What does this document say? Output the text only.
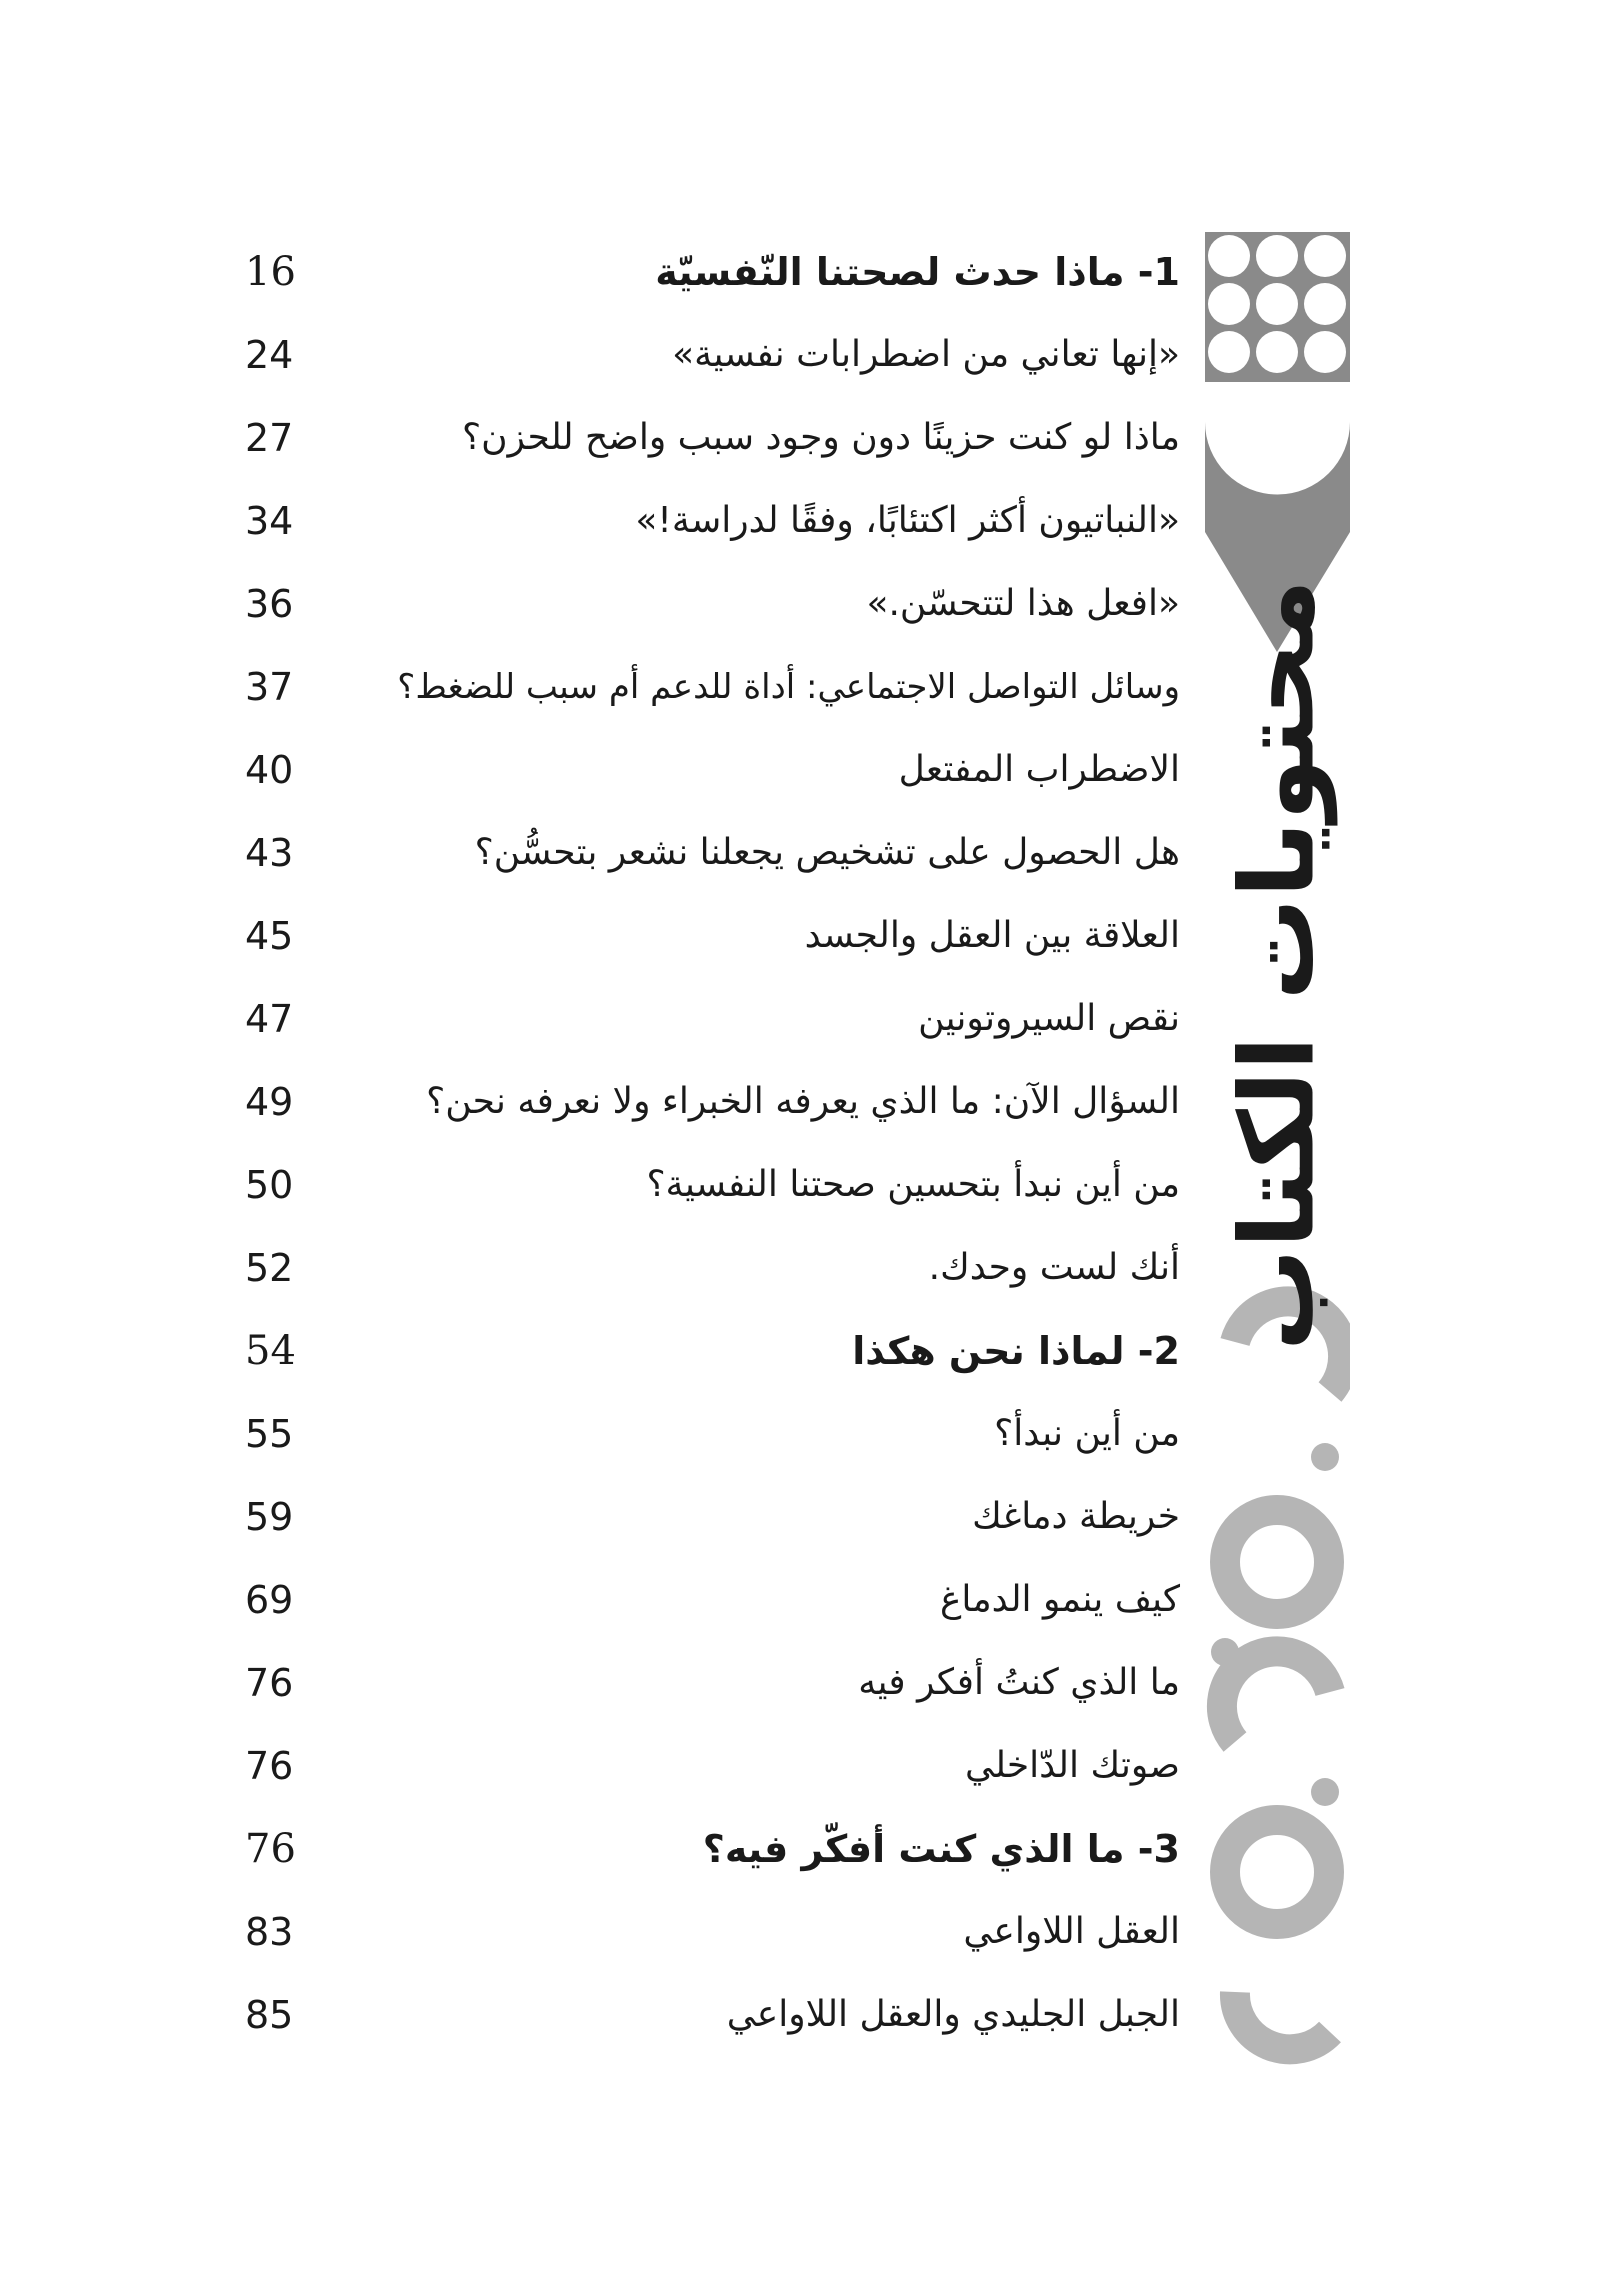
16	1- ماذا حدث لصحتنا النّفسيّة
24	«إنها تعاني من اضطرابات نفسية»
27	ماذا لو كنت حزينًا دون وجود سبب واضح للحزن؟
34	«النباتيون أكثر اكتئابًا، وفقًا لدراسة!»
36	«افعل هذا لتتحسّن.»
37	وسائل التواصل الاجتماعي: أداة للدعم أم سبب للضغط؟
40	الاضطراب المفتعل
43	هل الحصول على تشخيص يجعلنا نشعر بتحسُّن؟
45	العلاقة بين العقل والجسد
47	نقص السيروتونين
49	السؤال الآن: ما الذي يعرفه الخبراء ولا نعرفه نحن؟
50	من أين نبدأ بتحسين صحتنا النفسية؟
52	أنك لست وحدك.
54	2- لماذا نحن هكذا
55	من أين نبدأ؟
59	خريطة دماغك
69	كيف ينمو الدماغ
76	ما الذي كنتُ أفكر فيه
76	صوتك الدّاخلي
76	3- ما الذي كنت أفكّر فيه؟
83	العقل اللاواعي
85	الجبل الجليدي والعقل اللاواعي
محتويات الكتاب
